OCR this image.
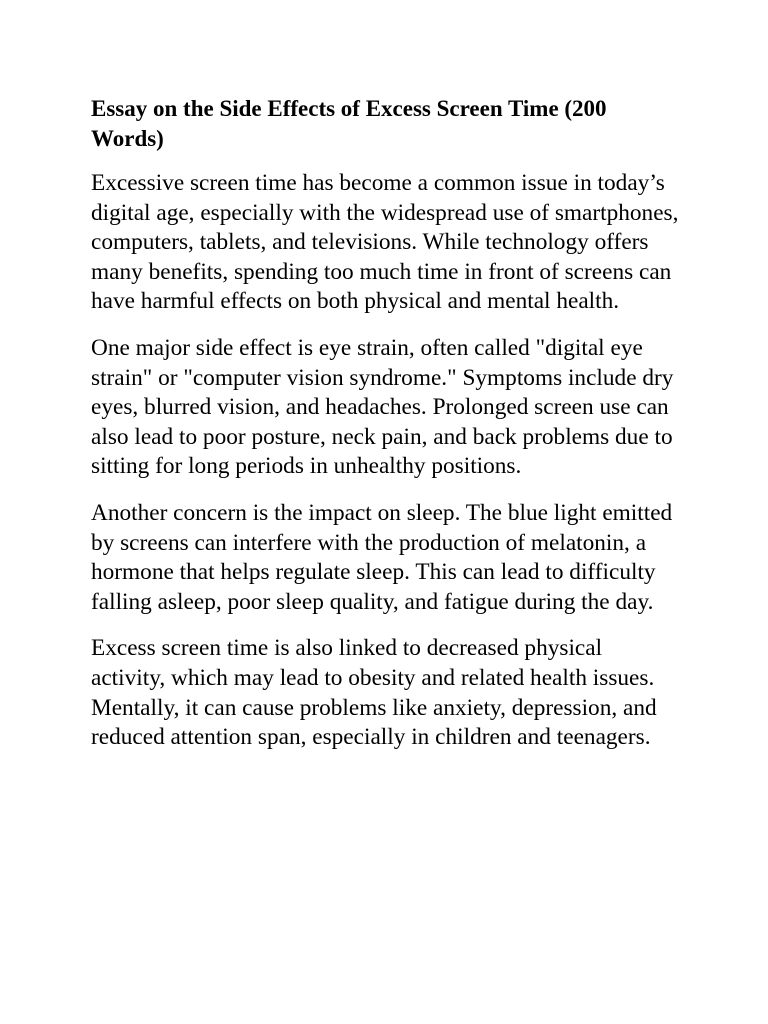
Essay on the Side Effects of Excess Screen Time (200 Words)

Excessive screen time has become a common issue in today’s digital age, especially with the widespread use of smartphones, computers, tablets, and televisions. While technology offers many benefits, spending too much time in front of screens can have harmful effects on both physical and mental health.

One major side effect is eye strain, often called "digital eye strain" or "computer vision syndrome." Symptoms include dry eyes, blurred vision, and headaches. Prolonged screen use can also lead to poor posture, neck pain, and back problems due to sitting for long periods in unhealthy positions.

Another concern is the impact on sleep. The blue light emitted by screens can interfere with the production of melatonin, a hormone that helps regulate sleep. This can lead to difficulty falling asleep, poor sleep quality, and fatigue during the day.

Excess screen time is also linked to decreased physical activity, which may lead to obesity and related health issues. Mentally, it can cause problems like anxiety, depression, and reduced attention span, especially in children and teenagers.
